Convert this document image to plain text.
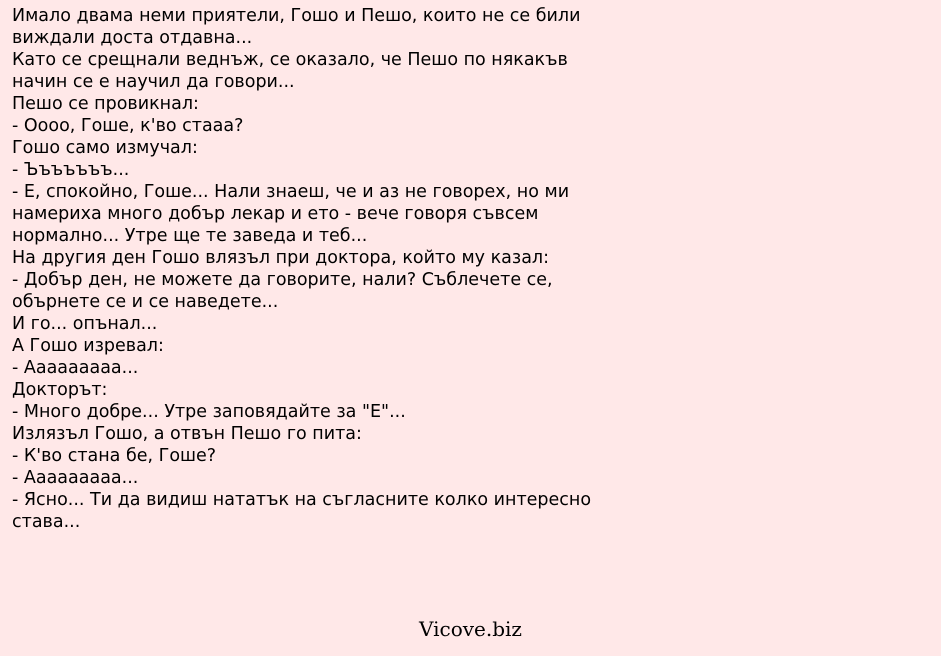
Имало двама неми приятели, Гошо и Пешо, които не се били виждали доста отдавна...
Като се срещнали веднъж, се оказало, че Пешо по някакъв начин се е научил да говори...
Пешо се провикнал:
- Оооо, Гоше, к'во стааа?
Гошо само измучал:
- Ъъъъъъъ...
- Е, спокойно, Гоше... Нали знаеш, че и аз не говорех, но ми намериха много добър лекар и ето - вече говоря съвсем нормално... Утре ще те заведа и теб...
На другия ден Гошо влязъл при доктора, който му казал:
- Добър ден, не можете да говорите, нали? Съблечете се, обърнете се и се наведете...
И го... опънал...
А Гошо изревал:
- Ааааааааа...
Докторът:
- Много добре... Утре заповядайте за "Е"...
Излязъл Гошо, а отвън Пешо го пита:
- К'во стана бе, Гоше?
- Ааааааааа...
- Ясно... Ти да видиш нататък на съгласните колко интересно става...
Vicove.biz
